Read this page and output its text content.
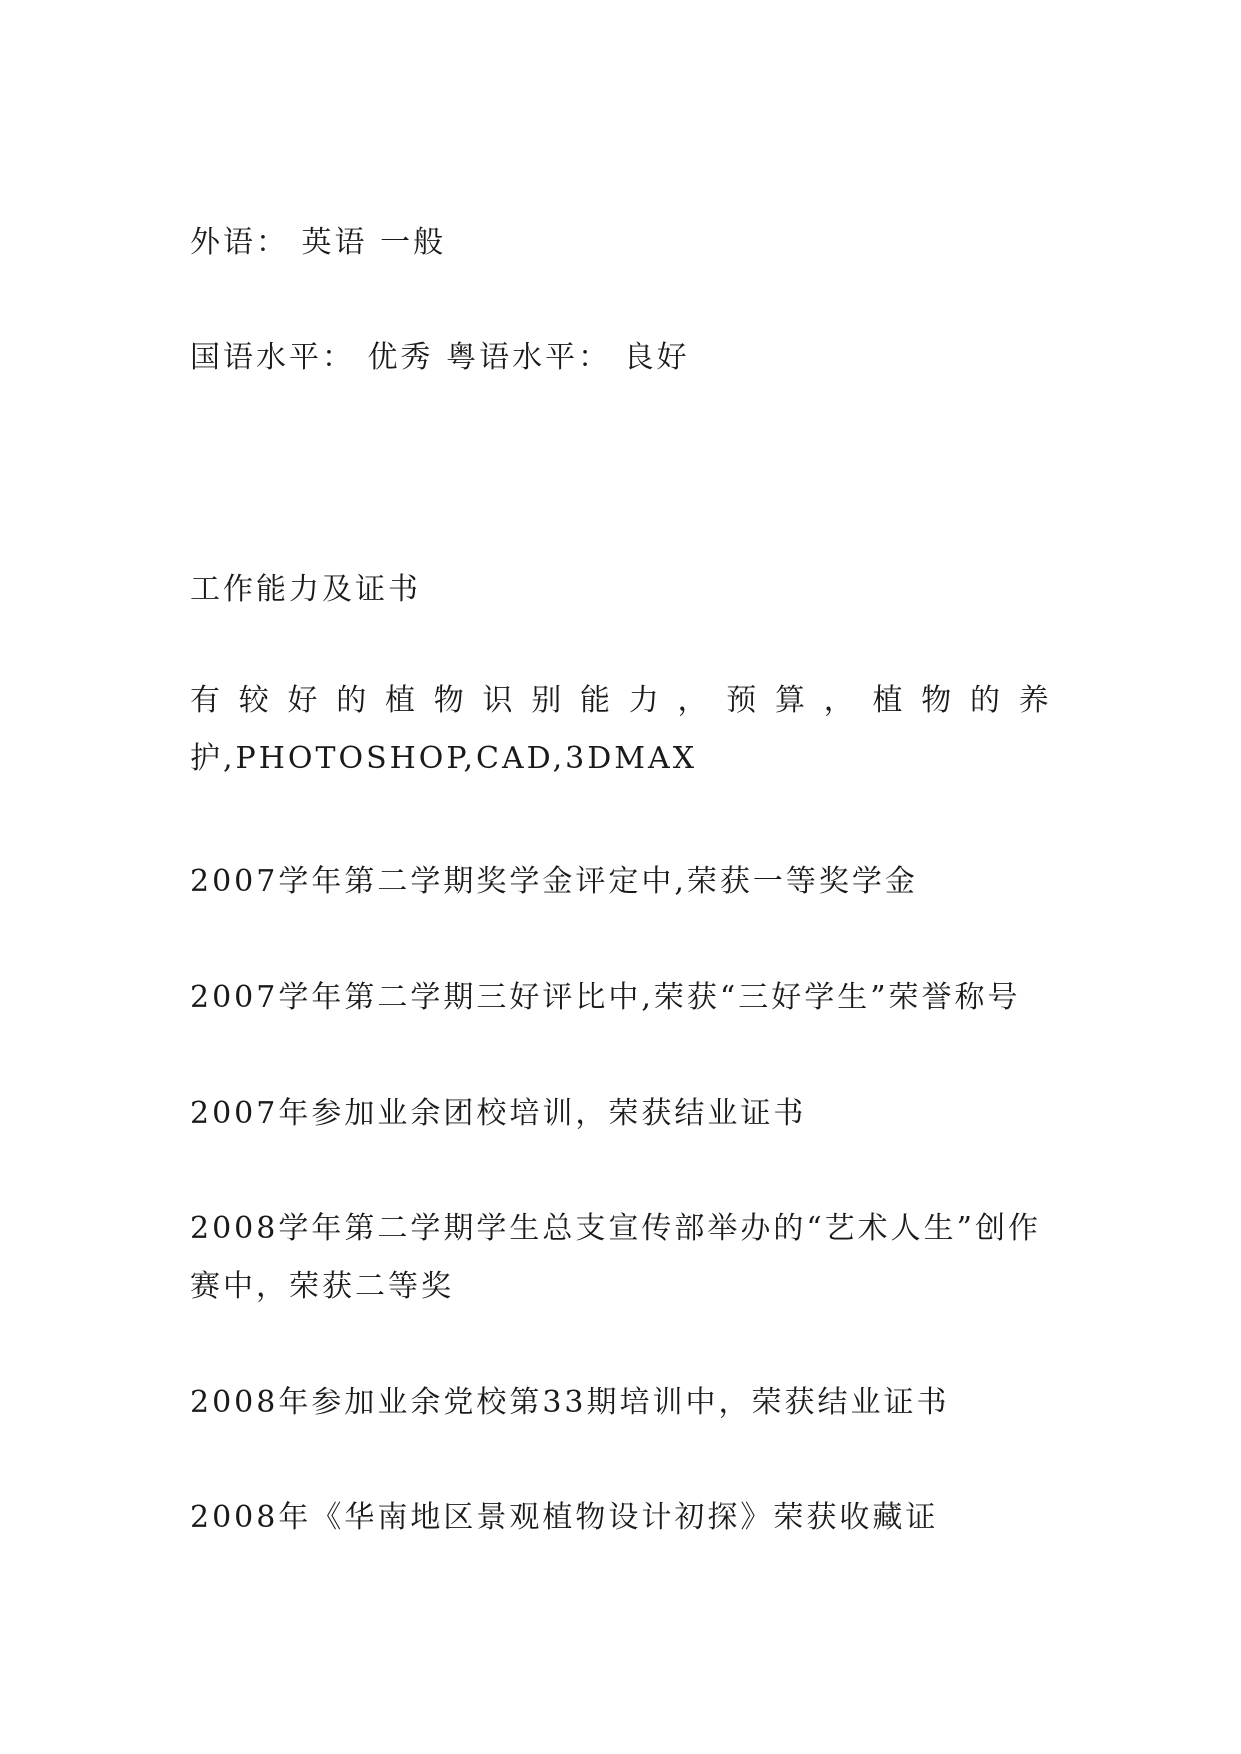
外语： 英语 一般

国语水平： 优秀 粤语水平： 良好

工作能力及证书

有 较 好 的 植 物 识 别 能 力 ， 预 算 ， 植 物 的 养
护,PHOTOSHOP,CAD,3DMAX

2007学年第二学期奖学金评定中,荣获一等奖学金

2007学年第二学期三好评比中,荣获“三好学生”荣誉称号

2007年参加业余团校培训，荣获结业证书

2008学年第二学期学生总支宣传部举办的“艺术人生”创作
赛中，荣获二等奖

2008年参加业余党校第33期培训中，荣获结业证书

2008年《华南地区景观植物设计初探》荣获收藏证
